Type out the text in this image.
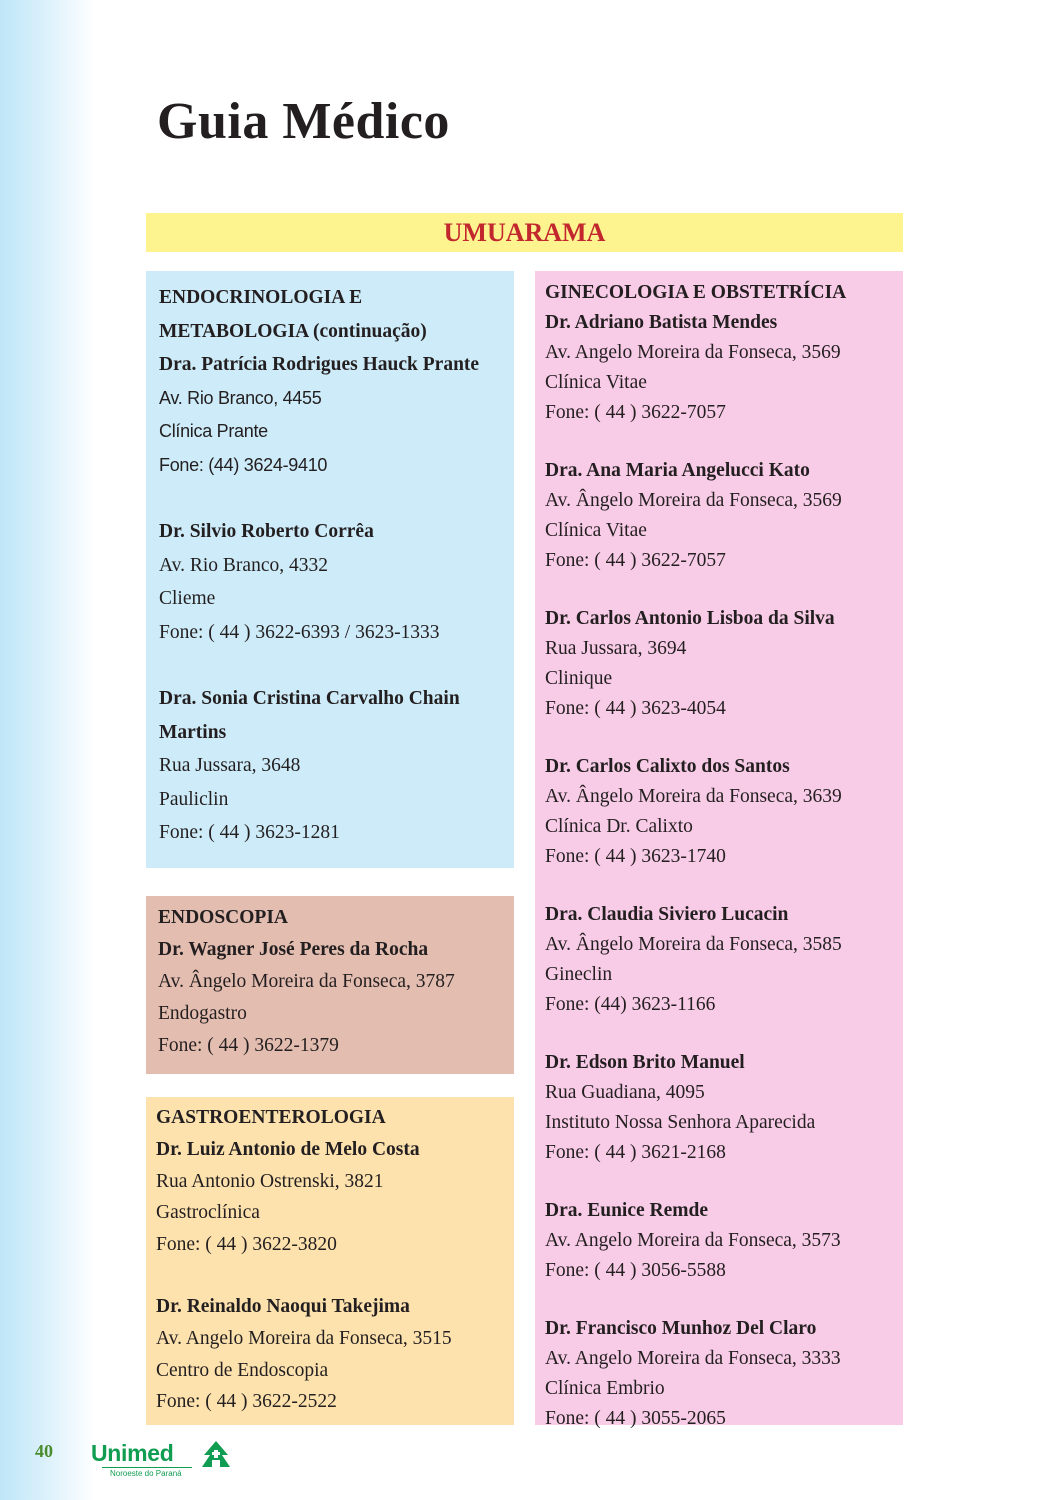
Guia Médico
UMUARAMA
ENDOCRINOLOGIA E
METABOLOGIA (continuação)
Dra. Patrícia Rodrigues Hauck Prante
Av. Rio Branco, 4455
Clínica Prante
Fone: (44) 3624-9410
Dr. Silvio Roberto Corrêa
Av. Rio Branco, 4332
Clieme
Fone: ( 44 ) 3622-6393 / 3623-1333
Dra. Sonia Cristina Carvalho Chain
Martins
Rua Jussara, 3648
Pauliclin
Fone: ( 44 ) 3623-1281
ENDOSCOPIA
Dr. Wagner José Peres da Rocha
Av. Ângelo Moreira da Fonseca, 3787
Endogastro
Fone: ( 44 ) 3622-1379
GASTROENTEROLOGIA
Dr. Luiz Antonio de Melo Costa
Rua Antonio Ostrenski, 3821
Gastroclínica
Fone: ( 44 ) 3622-3820
Dr. Reinaldo Naoqui Takejima
Av. Angelo Moreira da Fonseca, 3515
Centro de Endoscopia
Fone: ( 44 ) 3622-2522
GINECOLOGIA E OBSTETRÍCIA
Dr. Adriano Batista Mendes
Av. Angelo Moreira da Fonseca, 3569
Clínica Vitae
Fone: ( 44 ) 3622-7057
Dra. Ana Maria Angelucci Kato
Av. Ângelo Moreira da Fonseca, 3569
Clínica Vitae
Fone: ( 44 ) 3622-7057
Dr. Carlos Antonio Lisboa da Silva
Rua Jussara, 3694
Clinique
Fone: ( 44 ) 3623-4054
Dr. Carlos Calixto dos Santos
Av. Ângelo Moreira da Fonseca, 3639
Clínica Dr. Calixto
Fone: ( 44 ) 3623-1740
Dra. Claudia Siviero Lucacin
Av. Ângelo Moreira da Fonseca, 3585
Gineclin
Fone: (44) 3623-1166
Dr. Edson Brito Manuel
Rua Guadiana, 4095
Instituto Nossa Senhora Aparecida
Fone: ( 44 ) 3621-2168
Dra. Eunice Remde
Av. Angelo Moreira da Fonseca, 3573
Fone: ( 44 ) 3056-5588
Dr. Francisco Munhoz Del Claro
Av. Angelo Moreira da Fonseca, 3333
Clínica Embrio
Fone: ( 44 ) 3055-2065
40 Unimed
Noroeste do Paraná
